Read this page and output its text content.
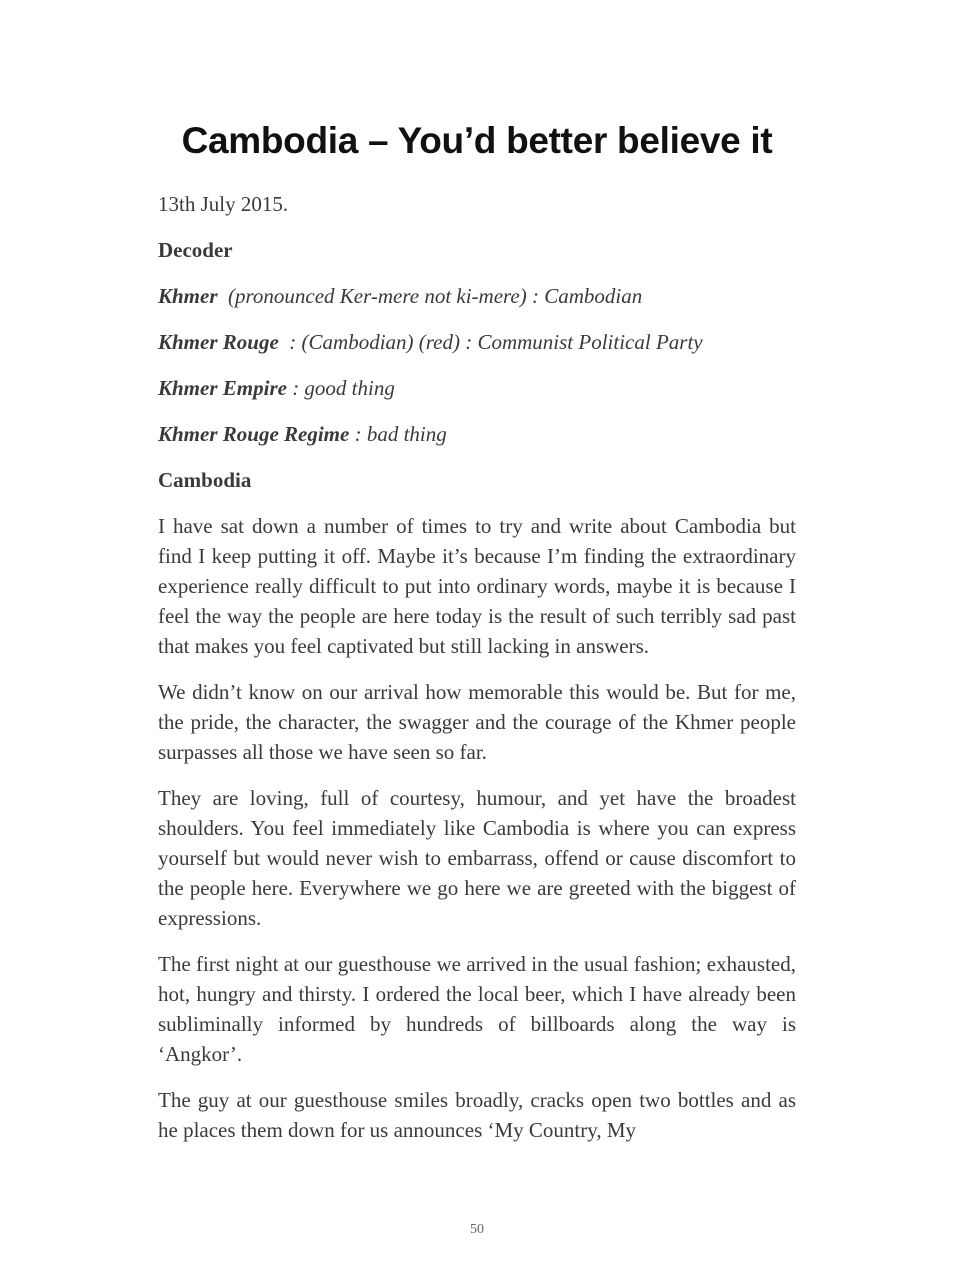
Cambodia – You’d better believe it
13th July 2015.
Decoder
Khmer (pronounced Ker-mere not ki-mere) : Cambodian
Khmer Rouge : (Cambodian) (red) : Communist Political Party
Khmer Empire : good thing
Khmer Rouge Regime : bad thing
Cambodia

I have sat down a number of times to try and write about Cambodia but find I keep putting it off. Maybe it’s because I’m finding the extraordinary experience really difficult to put into ordinary words, maybe it is because I feel the way the people are here today is the result of such terribly sad past that makes you feel captivated but still lacking in answers.

We didn’t know on our arrival how memorable this would be. But for me, the pride, the character, the swagger and the courage of the Khmer people surpasses all those we have seen so far.

They are loving, full of courtesy, humour, and yet have the broadest shoulders. You feel immediately like Cambodia is where you can express yourself but would never wish to embarrass, offend or cause discomfort to the people here. Everywhere we go here we are greeted with the biggest of expressions.

The first night at our guesthouse we arrived in the usual fashion; exhausted, hot, hungry and thirsty. I ordered the local beer, which I have already been subliminally informed by hundreds of billboards along the way is ‘Angkor’.

The guy at our guesthouse smiles broadly, cracks open two bottles and as he places them down for us announces ‘My Country, My

50
